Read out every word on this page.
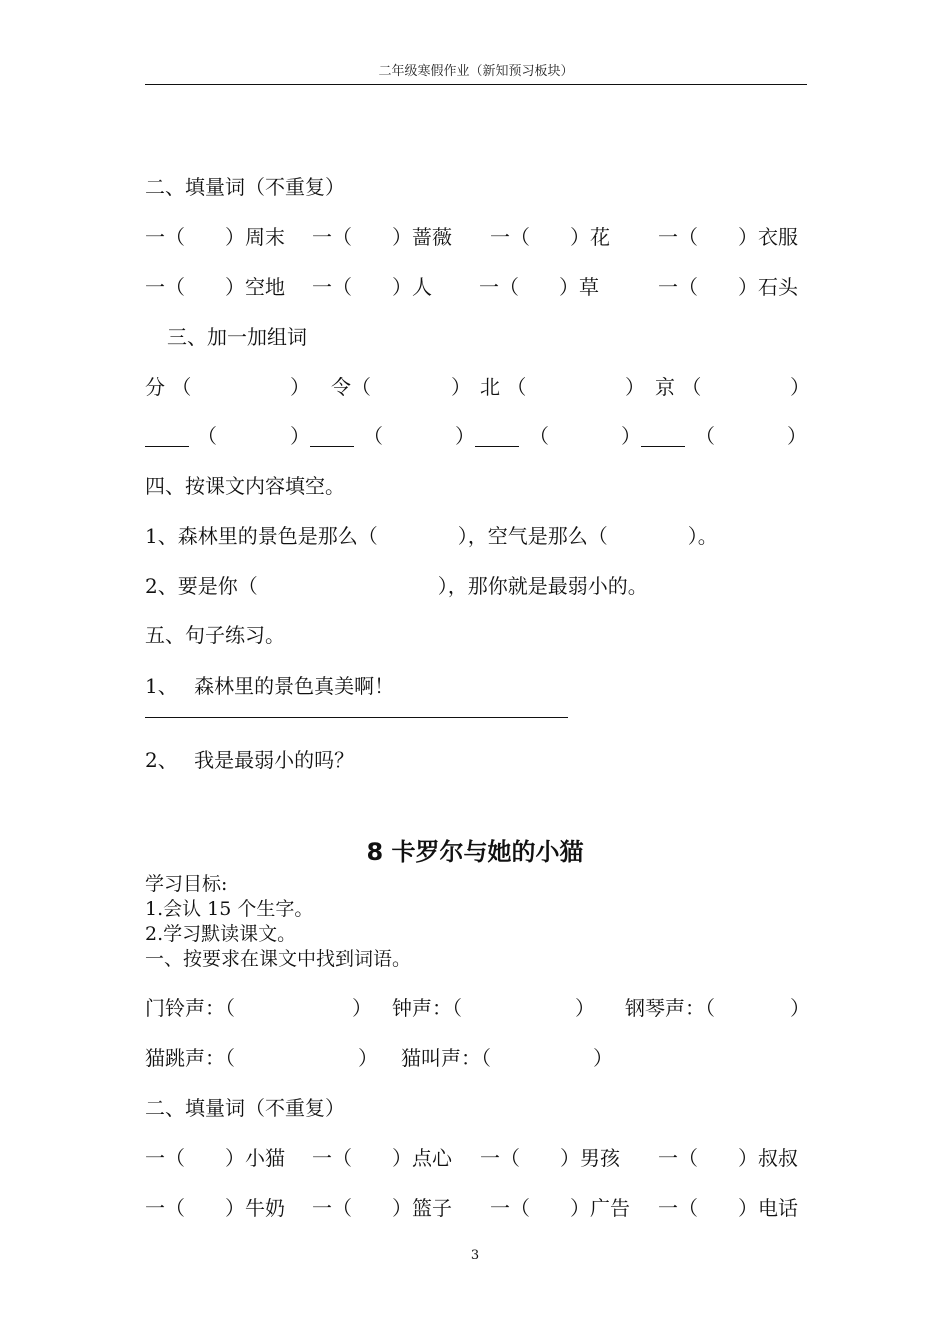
二年级寒假作业（新知预习板块）
二、填量词（不重复）
一（　　）周末 一（　　）蔷薇 一（　　）花 一（　　）衣服
一（　　）空地 一（　　）人 一（　　）草	一（　　）石头
三、加一加组词
分 （	） 令（	） 北 （	） 京 （	）
（	）	（	）	（	）	（	）
四、按课文内容填空。
1、森林里的景色是那么（　　　　），空气是那么（　　　　）。
2、要是你（　　　　　　　　　），那你就是最弱小的。
五、句子练习。
1、　 森林里的景色真美啊！
2、　 我是最弱小的吗？
8 卡罗尔与她的小猫
学习目标:
1.会认 15 个生字。
2.学习默读课文。
一、按要求在课文中找到词语。
门铃声：（	） 钟声：（	） 钢琴声：（	）
猫跳声：（	） 猫叫声：（	）
二、填量词（不重复）
一（　　）小猫 一（　　）点心 一（　　）男孩 一（　　）叔叔
一（　　）牛奶 一（　　）篮子 一（　　）广告 一（　　）电话
3
